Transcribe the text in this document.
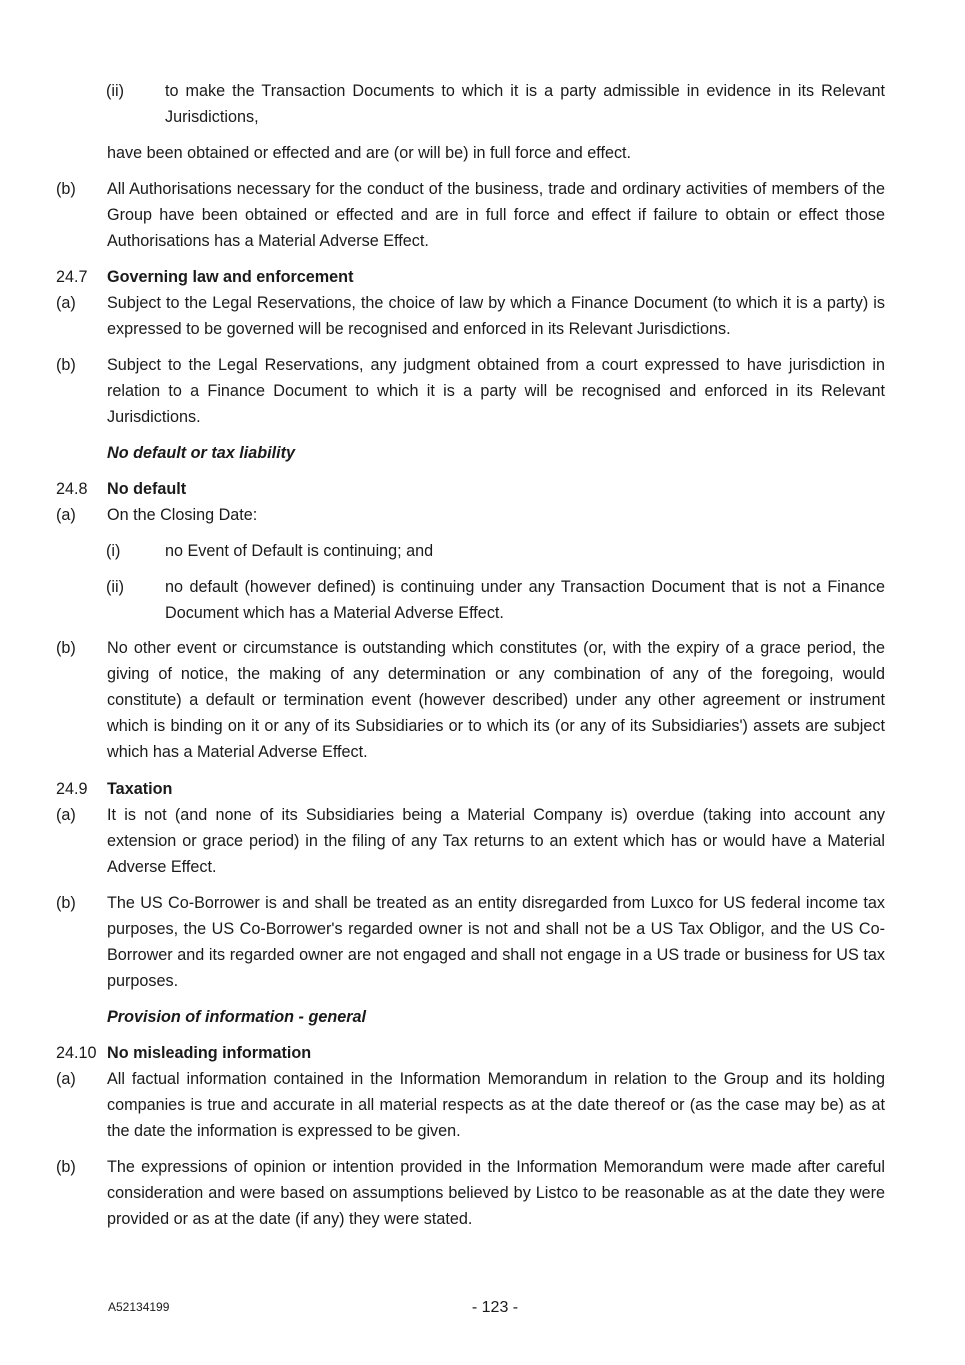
(ii)	to make the Transaction Documents to which it is a party admissible in evidence in its Relevant Jurisdictions,
have been obtained or effected and are (or will be) in full force and effect.
(b) All Authorisations necessary for the conduct of the business, trade and ordinary activities of members of the Group have been obtained or effected and are in full force and effect if failure to obtain or effect those Authorisations has a Material Adverse Effect.
24.7 Governing law and enforcement
(a) Subject to the Legal Reservations, the choice of law by which a Finance Document (to which it is a party) is expressed to be governed will be recognised and enforced in its Relevant Jurisdictions.
(b) Subject to the Legal Reservations, any judgment obtained from a court expressed to have jurisdiction in relation to a Finance Document to which it is a party will be recognised and enforced in its Relevant Jurisdictions.
No default or tax liability
24.8 No default
(a) On the Closing Date:
(i)	no Event of Default is continuing; and
(ii)	no default (however defined) is continuing under any Transaction Document that is not a Finance Document which has a Material Adverse Effect.
(b) No other event or circumstance is outstanding which constitutes (or, with the expiry of a grace period, the giving of notice, the making of any determination or any combination of any of the foregoing, would constitute) a default or termination event (however described) under any other agreement or instrument which is binding on it or any of its Subsidiaries or to which its (or any of its Subsidiaries') assets are subject which has a Material Adverse Effect.
24.9 Taxation
(a) It is not (and none of its Subsidiaries being a Material Company is) overdue (taking into account any extension or grace period) in the filing of any Tax returns to an extent which has or would have a Material Adverse Effect.
(b) The US Co-Borrower is and shall be treated as an entity disregarded from Luxco for US federal income tax purposes, the US Co-Borrower's regarded owner is not and shall not be a US Tax Obligor, and the US Co-Borrower and its regarded owner are not engaged and shall not engage in a US trade or business for US tax purposes.
Provision of information - general
24.10 No misleading information
(a) All factual information contained in the Information Memorandum in relation to the Group and its holding companies is true and accurate in all material respects as at the date thereof or (as the case may be) as at the date the information is expressed to be given.
(b) The expressions of opinion or intention provided in the Information Memorandum were made after careful consideration and were based on assumptions believed by Listco to be reasonable as at the date they were provided or as at the date (if any) they were stated.
A52134199	- 123 -
